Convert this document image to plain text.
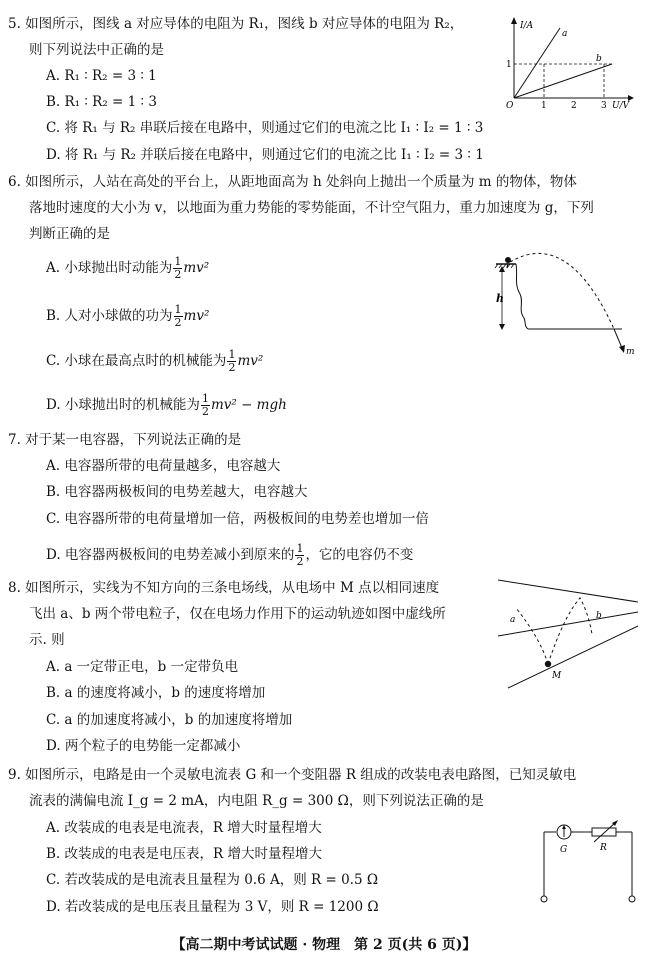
5. 如图所示，图线 a 对应导体的电阻为 R₁，图线 b 对应导体的电阻为 R₂，
则下列说法中正确的是
A. R₁ ∶ R₂ = 3 ∶ 1
B. R₁ ∶ R₂ = 1 ∶ 3
C. 将 R₁ 与 R₂ 串联后接在电路中，则通过它们的电流之比 I₁ ∶ I₂ = 1 ∶ 3
D. 将 R₁ 与 R₂ 并联后接在电路中，则通过它们的电流之比 I₁ ∶ I₂ = 3 ∶ 1
I/A
U/V
O	1	2	3
1
a
b
6. 如图所示，人站在高处的平台上，从距地面高为 h 处斜向上抛出一个质量为 m 的物体，物体
落地时速度的大小为 v，以地面为重力势能的零势能面，不计空气阻力，重力加速度为 g，下列
判断正确的是
A. 小球抛出时动能为 $\frac{1}{2} mv^2$
B. 人对小球做的功为 $\frac{1}{2} mv^2$
C. 小球在最高点时的机械能为 $\frac{1}{2} mv^2$
D. 小球抛出时的机械能为 $\frac{1}{2} mv^2$ − mgh
h
m
7. 对于某一电容器，下列说法正确的是
A. 电容器所带的电荷量越多，电容越大
B. 电容器两极板间的电势差越大，电容越大
C. 电容器所带的电荷量增加一倍，两极板间的电势差也增加一倍
D. 电容器两极板间的电势差减小到原来的 $\frac{1}{2}$ ，它的电容仍不变
8. 如图所示，实线为不知方向的三条电场线，从电场中 M 点以相同速度
飞出 a、b 两个带电粒子，仅在电场力作用下的运动轨迹如图中虚线所
示. 则
A. a 一定带正电，b 一定带负电
B. a 的速度将减小，b 的速度将增加
C. a 的加速度将减小，b 的加速度将增加
D. 两个粒子的电势能一定都减小
a	b
M
9. 如图所示，电路是由一个灵敏电流表 G 和一个变阻器 R 组成的改装电表电路图，已知灵敏电
流表的满偏电流 I_g = 2 mA，内电阻 R_g = 300 Ω，则下列说法正确的是
A. 改装成的电表是电流表，R 增大时量程增大
B. 改装成的电表是电压表，R 增大时量程增大
C. 若改装成的是电流表且量程为 0.6 A，则 R = 0.5 Ω
D. 若改装成的是电压表且量程为 3 V，则 R = 1200 Ω
G	R
【高二期中考试试题 · 物理　第 2 页(共 6 页)】
